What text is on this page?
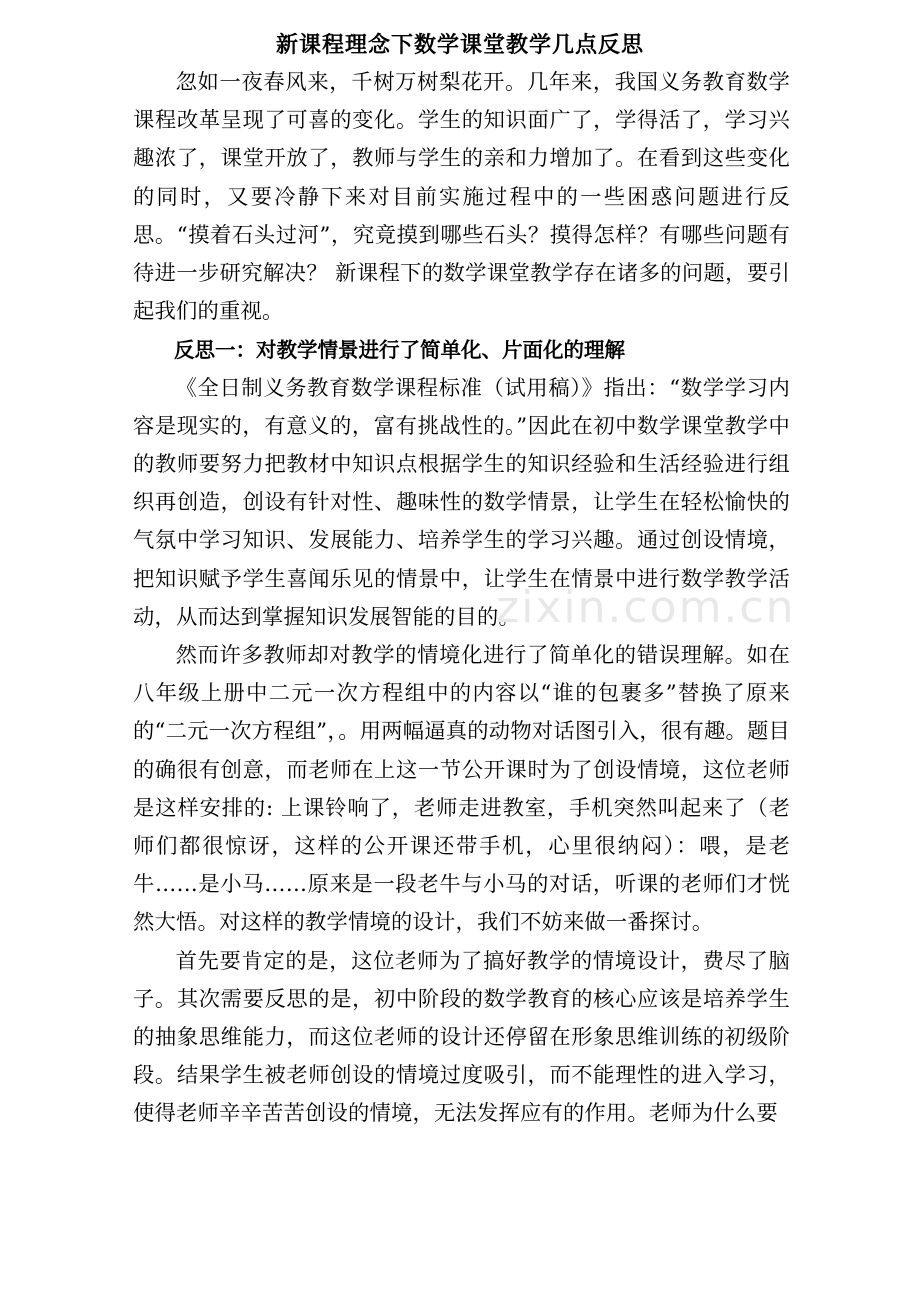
新课程理念下数学课堂教学几点反思

忽如一夜春风来，千树万树梨花开。几年来，我国义务教育数学课程改革呈现了可喜的变化。学生的知识面广了，学得活了，学习兴趣浓了，课堂开放了，教师与学生的亲和力增加了。在看到这些变化的同时，又要冷静下来对目前实施过程中的一些困惑问题进行反思。“摸着石头过河”，究竟摸到哪些石头？摸得怎样？有哪些问题有待进一步研究解决？ 新课程下的数学课堂教学存在诸多的问题，要引起我们的重视。

反思一：对教学情景进行了简单化、片面化的理解

《全日制义务教育数学课程标准（试用稿）》指出：“数学学习内容是现实的，有意义的，富有挑战性的。”因此在初中数学课堂教学中的教师要努力把教材中知识点根据学生的知识经验和生活经验进行组织再创造，创设有针对性、趣味性的数学情景，让学生在轻松愉快的气氛中学习知识、发展能力、培养学生的学习兴趣。通过创设情境，把知识赋予学生喜闻乐见的情景中，让学生在情景中进行数学教学活动，从而达到掌握知识发展智能的目的。

然而许多教师却对教学的情境化进行了简单化的错误理解。如在八年级上册中二元一次方程组中的内容以“谁的包裹多”替换了原来的“二元一次方程组”，。用两幅逼真的动物对话图引入，很有趣。题目的确很有创意，而老师在上这一节公开课时为了创设情境，这位老师是这样安排的: 上课铃响了，老师走进教室，手机突然叫起来了（老师们都很惊讶，这样的公开课还带手机，心里很纳闷）：喂，是老牛……是小马……原来是一段老牛与小马的对话，听课的老师们才恍然大悟。对这样的教学情境的设计，我们不妨来做一番探讨。

首先要肯定的是，这位老师为了搞好教学的情境设计，费尽了脑子。其次需要反思的是，初中阶段的数学教育的核心应该是培养学生的抽象思维能力，而这位老师的设计还停留在形象思维训练的初级阶段。结果学生被老师创设的情境过度吸引，而不能理性的进入学习，使得老师辛辛苦苦创设的情境，无法发挥应有的作用。老师为什么要

zixin.com.cn
